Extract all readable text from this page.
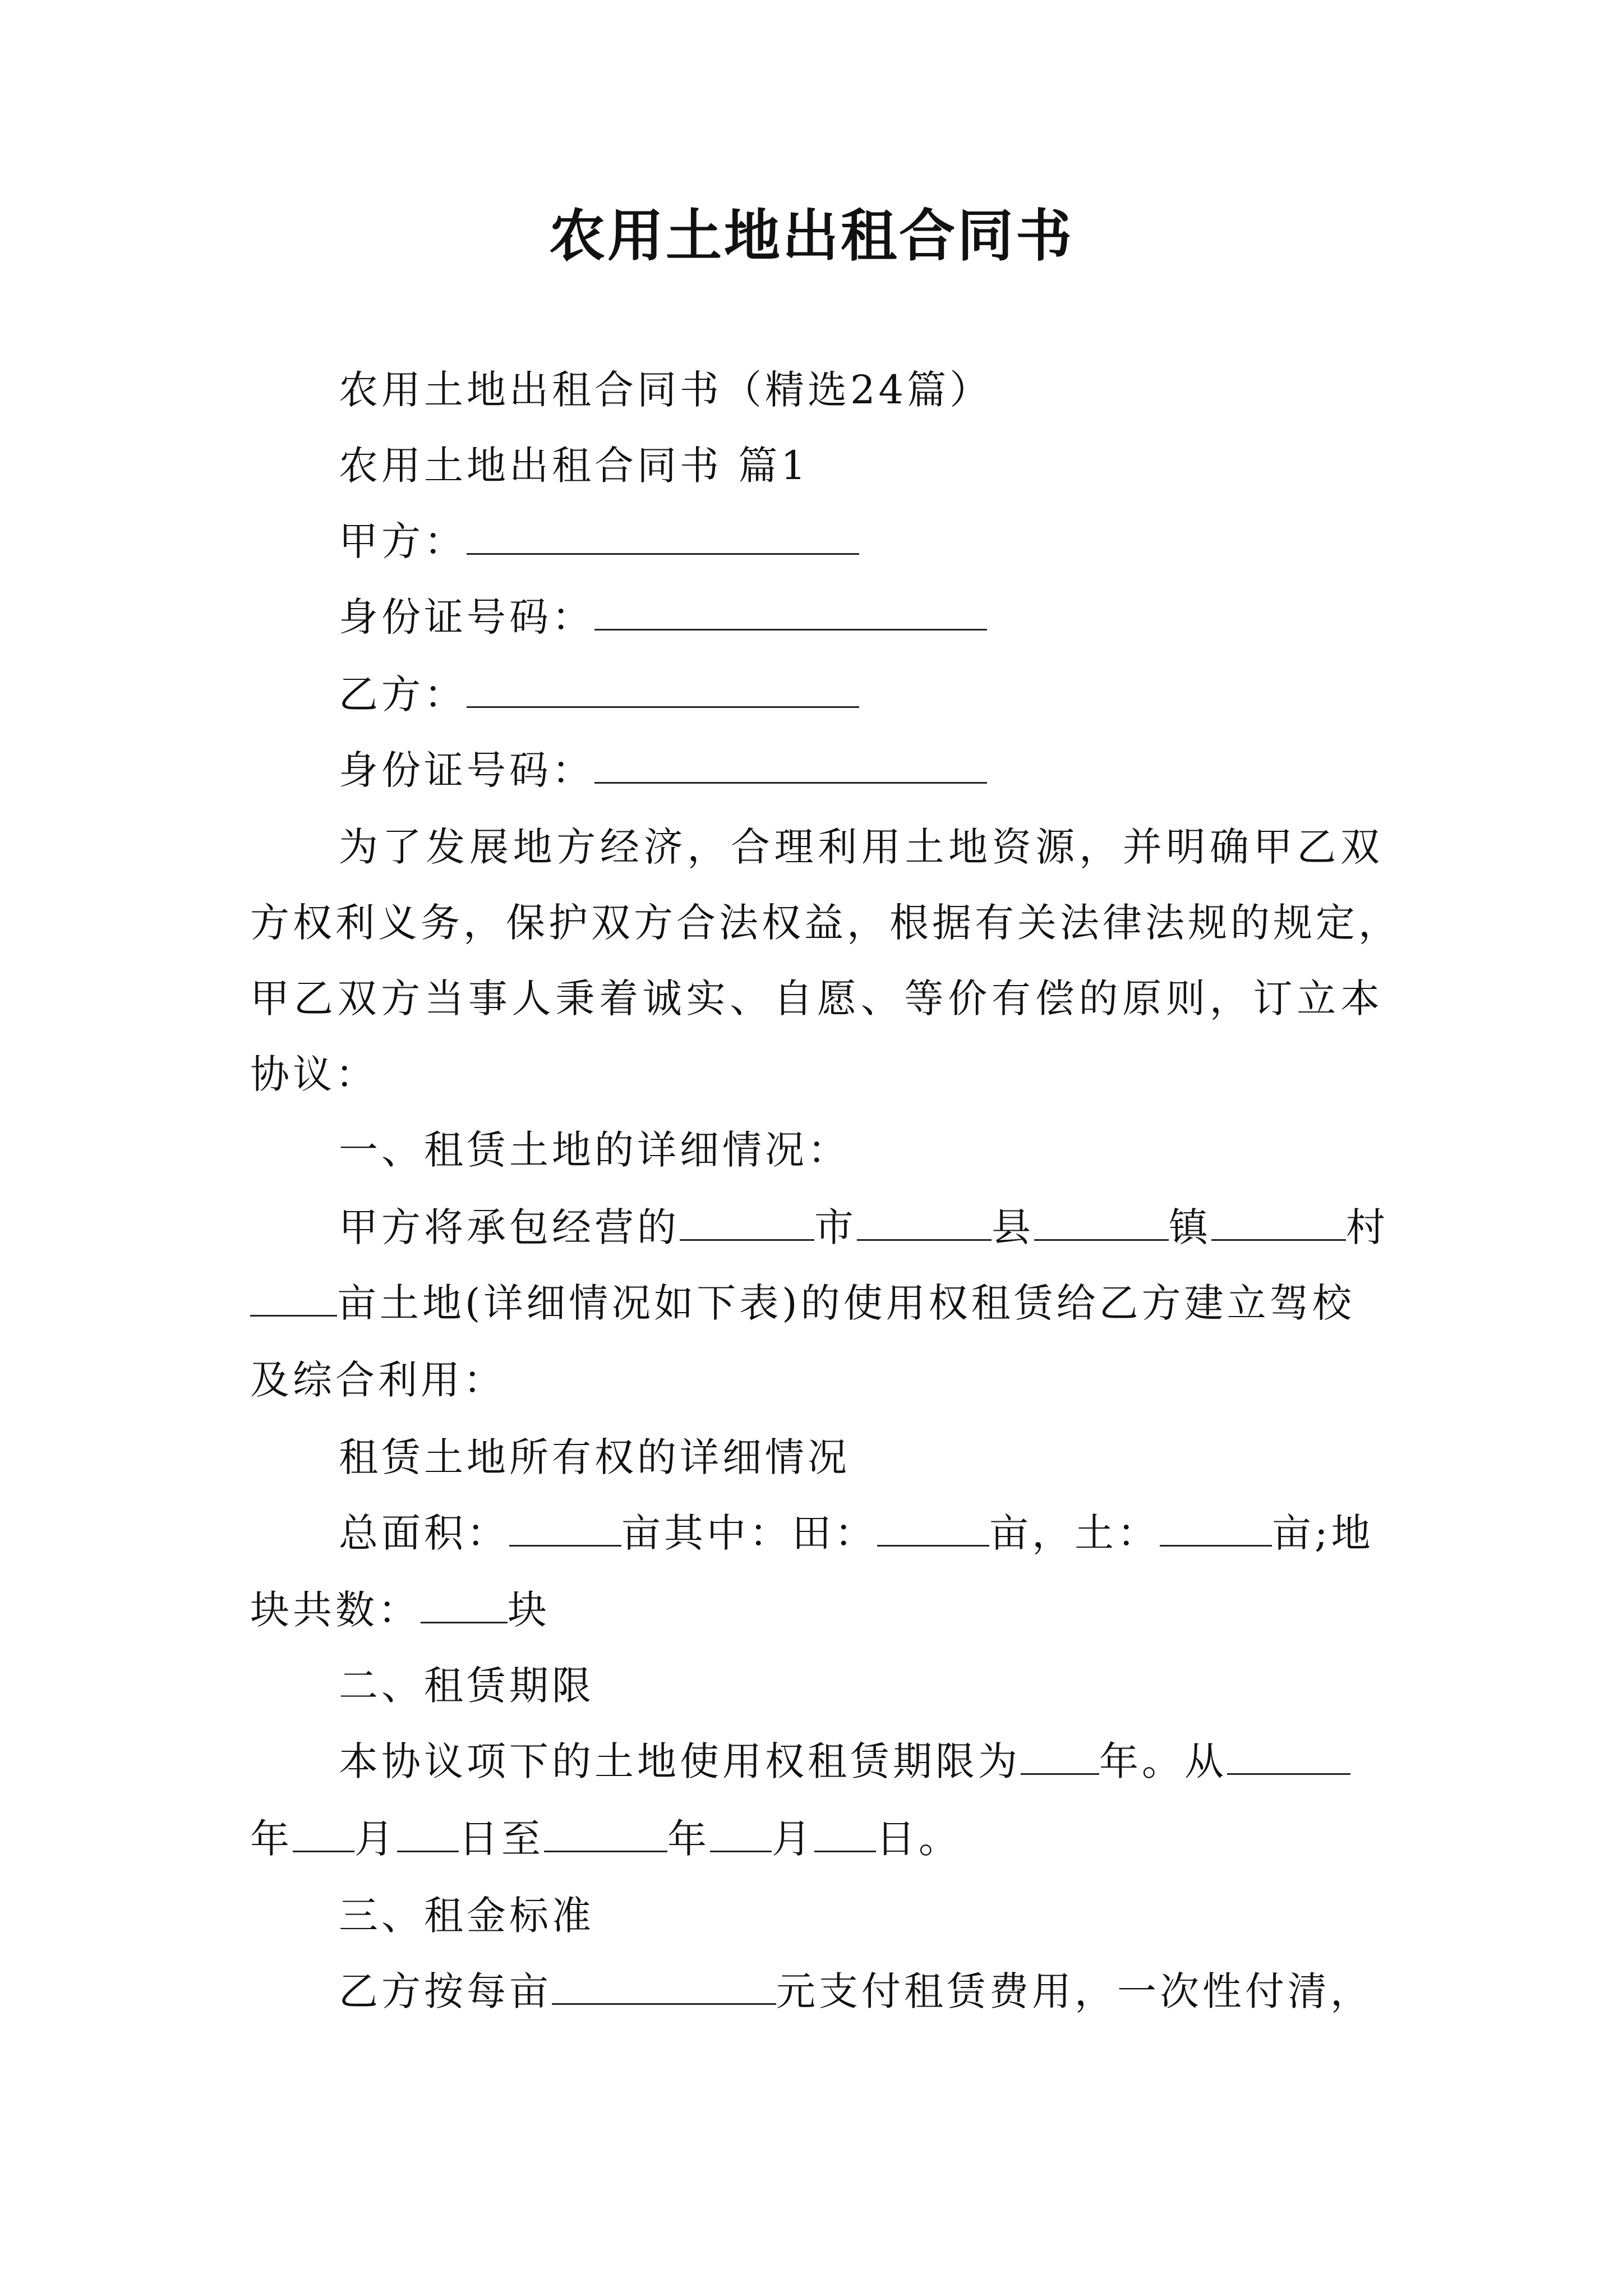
农用土地出租合同书
农用土地出租合同书（精选24篇）
农用土地出租合同书 篇1
甲方：
身份证号码：
乙方：
身份证号码：
为了发展地方经济，合理利用土地资源，并明确甲乙双
方权利义务，保护双方合法权益，根据有关法律法规的规定，
甲乙双方当事人秉着诚实、自愿、等价有偿的原则，订立本
协议：
一、租赁土地的详细情况：
甲方将承包经营的	市	县	镇	村
亩土地(详细情况如下表)的使用权租赁给乙方建立驾校
及综合利用：
租赁土地所有权的详细情况
总面积：	亩其中：田：	亩，土：	亩;地
块共数： 块
二、租赁期限
本协议项下的土地使用权租赁期限为 年。从
年 月 日至	年 月 日。
三、租金标准
乙方按每亩	元支付租赁费用，一次性付清，
